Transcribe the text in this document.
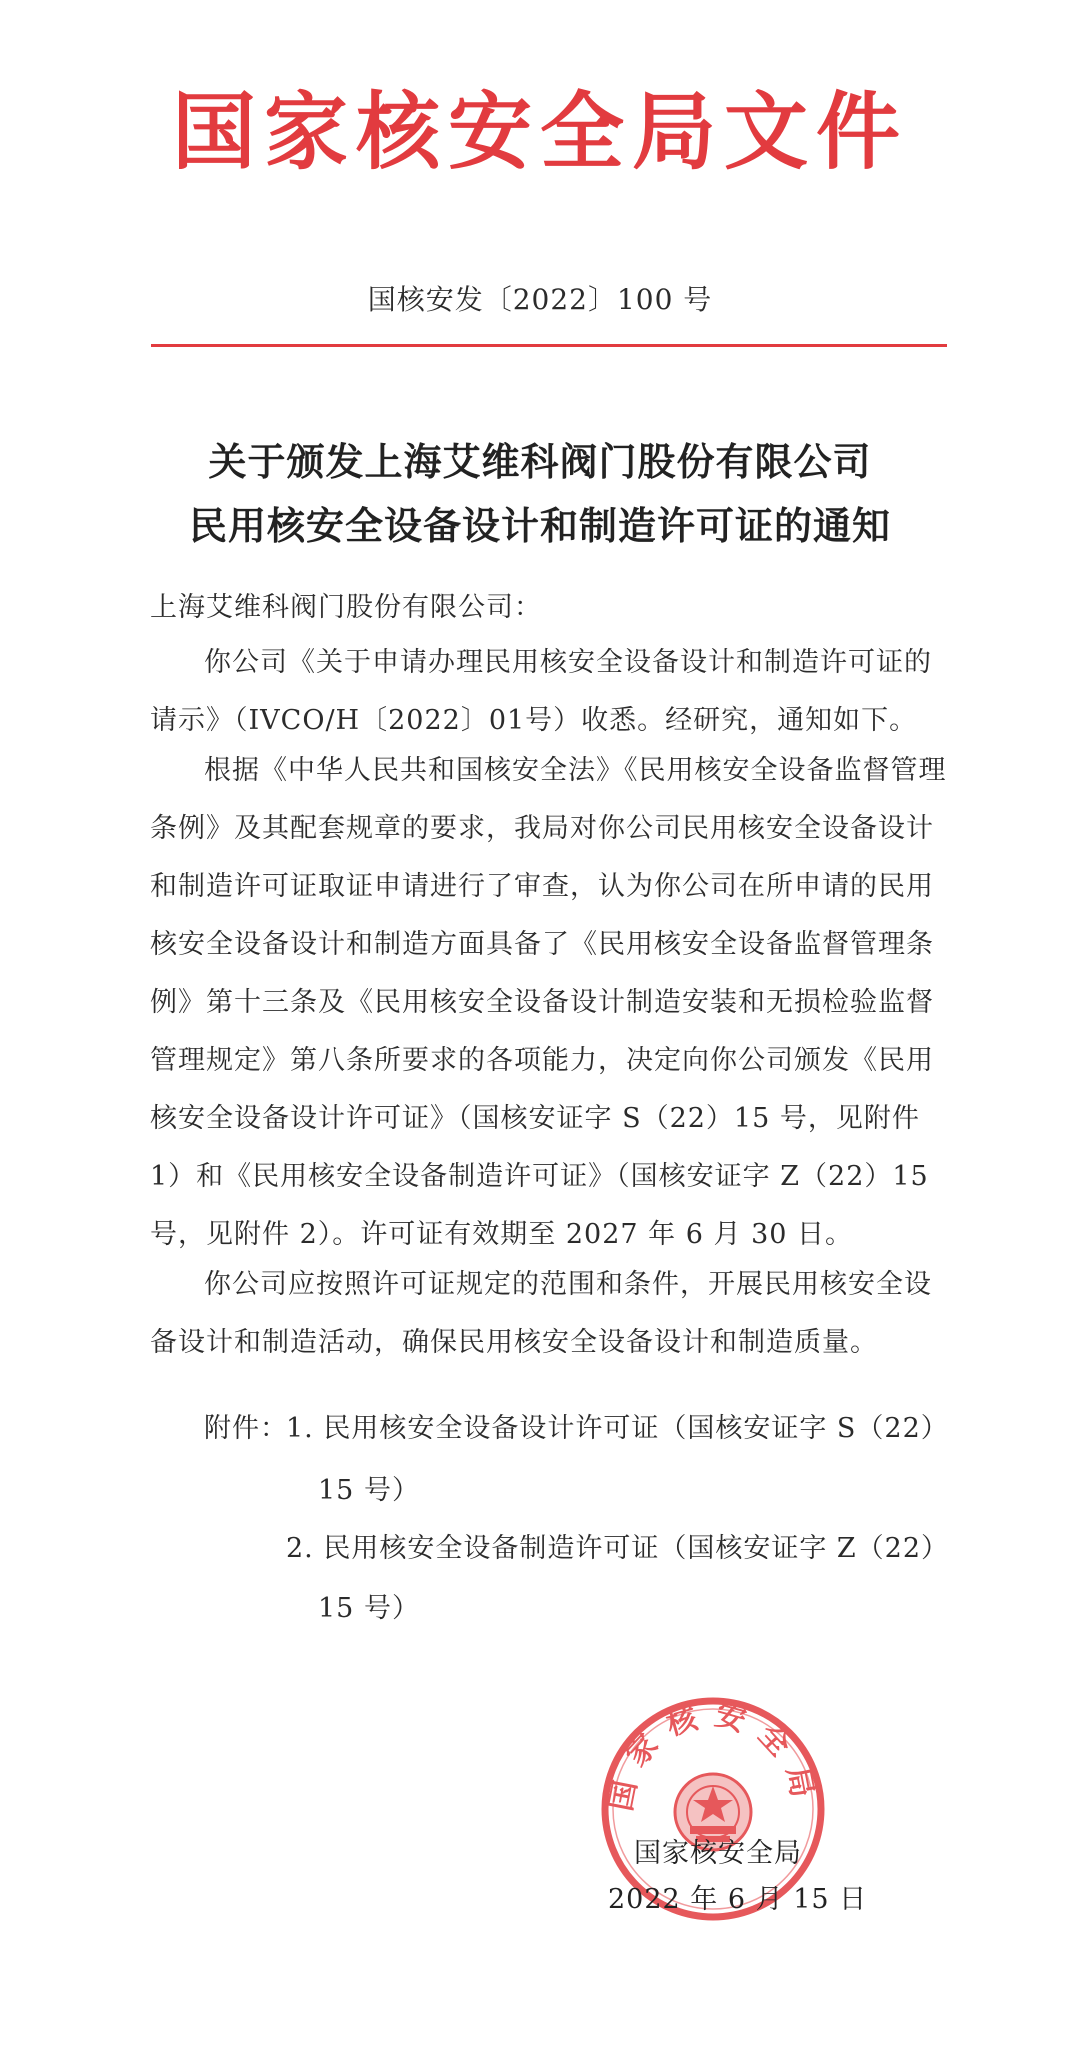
国家核安全局文件
国核安发〔2022〕100 号
关于颁发上海艾维科阀门股份有限公司
民用核安全设备设计和制造许可证的通知
上海艾维科阀门股份有限公司：
你公司《关于申请办理民用核安全设备设计和制造许可证的请示》（IVCO/H〔2022〕01号）收悉。经研究，通知如下。
根据《中华人民共和国核安全法》《民用核安全设备监督管理条例》及其配套规章的要求，我局对你公司民用核安全设备设计和制造许可证取证申请进行了审查，认为你公司在所申请的民用核安全设备设计和制造方面具备了《民用核安全设备监督管理条例》第十三条及《民用核安全设备设计制造安装和无损检验监督管理规定》第八条所要求的各项能力，决定向你公司颁发《民用核安全设备设计许可证》（国核安证字 S（22）15 号，见附件 1）和《民用核安全设备制造许可证》（国核安证字 Z（22）15 号，见附件 2）。许可证有效期至 2027 年 6 月 30 日。
你公司应按照许可证规定的范围和条件，开展民用核安全设备设计和制造活动，确保民用核安全设备设计和制造质量。
附件：
1. 民用核安全设备设计许可证（国核安证字 S（22）
15 号）
2. 民用核安全设备制造许可证（国核安证字 Z（22）
15 号）
国家核安全局
国家核安全局
2022 年 6 月 15 日
